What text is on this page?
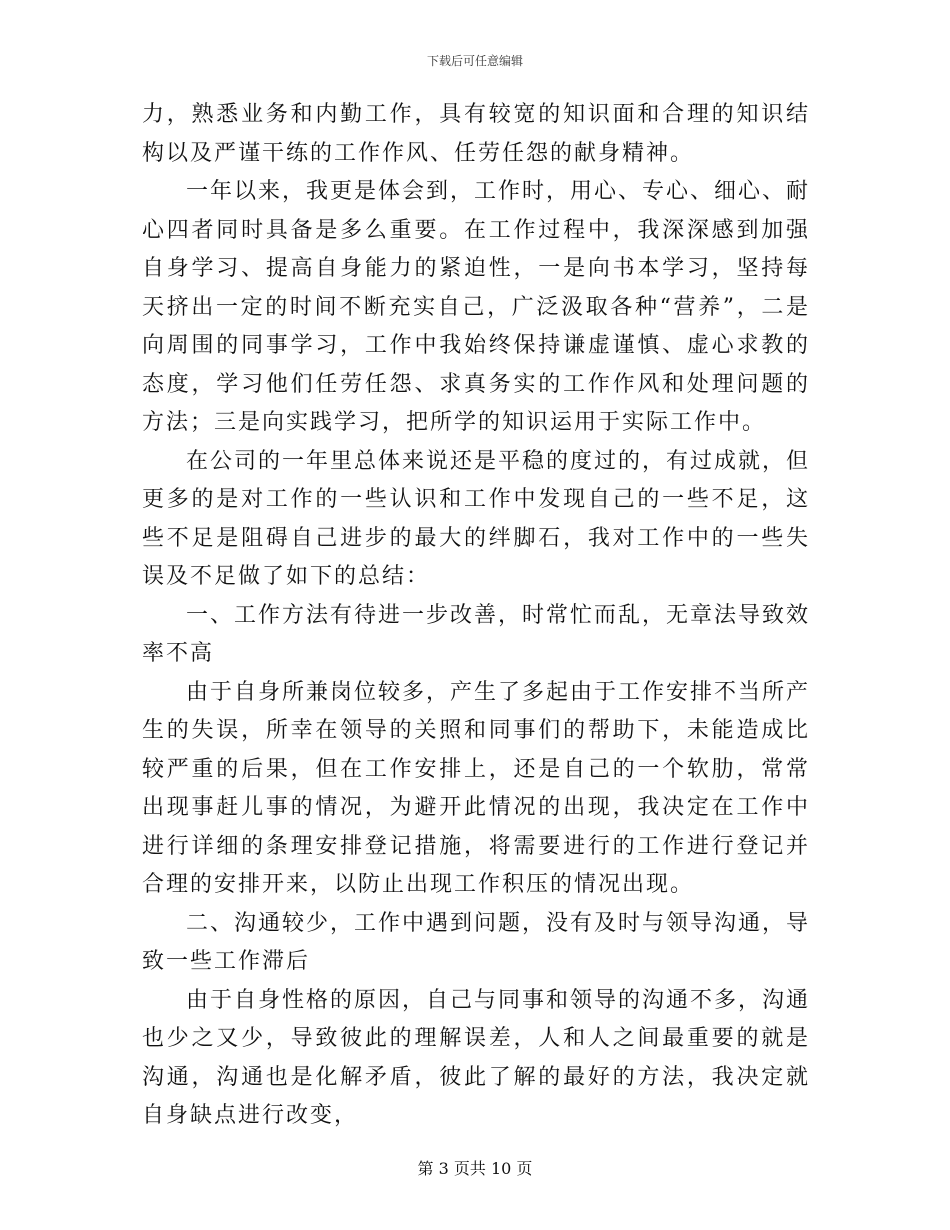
下载后可任意编辑

力，熟悉业务和内勤工作，具有较宽的知识面和合理的知识结构以及严谨干练的工作作风、任劳任怨的献身精神。

一年以来，我更是体会到，工作时，用心、专心、细心、耐心四者同时具备是多么重要。在工作过程中，我深深感到加强自身学习、提高自身能力的紧迫性，一是向书本学习，坚持每天挤出一定的时间不断充实自己，广泛汲取各种“营养”，二是向周围的同事学习，工作中我始终保持谦虚谨慎、虚心求教的态度，学习他们任劳任怨、求真务实的工作作风和处理问题的方法；三是向实践学习，把所学的知识运用于实际工作中。

在公司的一年里总体来说还是平稳的度过的，有过成就，但更多的是对工作的一些认识和工作中发现自己的一些不足，这些不足是阻碍自己进步的最大的绊脚石，我对工作中的一些失误及不足做了如下的总结：

一、工作方法有待进一步改善，时常忙而乱，无章法导致效率不高

由于自身所兼岗位较多，产生了多起由于工作安排不当所产生的失误，所幸在领导的关照和同事们的帮助下，未能造成比较严重的后果，但在工作安排上，还是自己的一个软肋，常常出现事赶儿事的情况，为避开此情况的出现，我决定在工作中进行详细的条理安排登记措施，将需要进行的工作进行登记并合理的安排开来，以防止出现工作积压的情况出现。

二、沟通较少，工作中遇到问题，没有及时与领导沟通，导致一些工作滞后

由于自身性格的原因，自己与同事和领导的沟通不多，沟通也少之又少，导致彼此的理解误差，人和人之间最重要的就是沟通，沟通也是化解矛盾，彼此了解的最好的方法，我决定就自身缺点进行改变，

第 3 页共 10 页
